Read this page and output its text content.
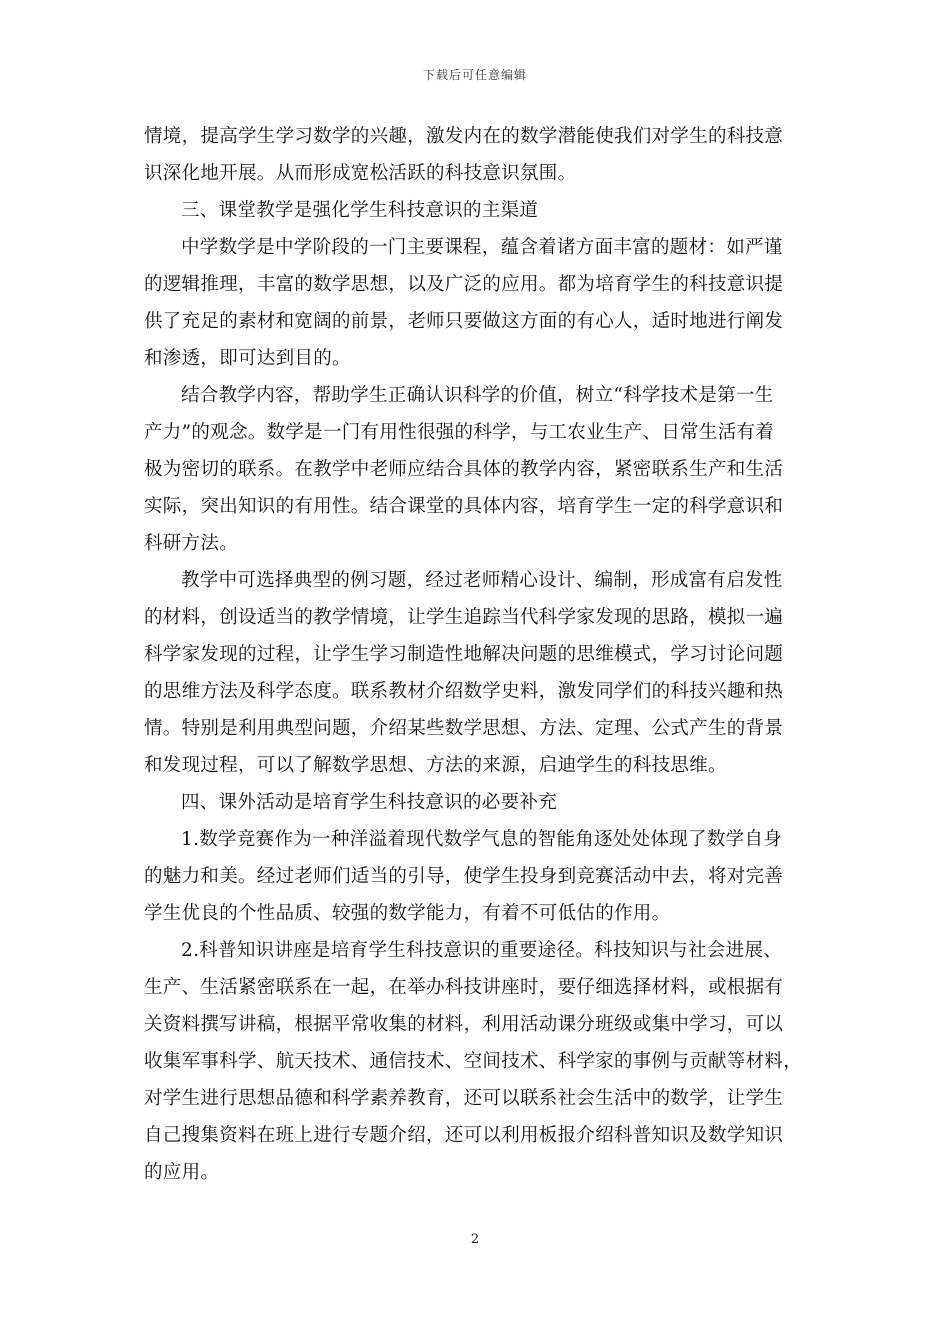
下载后可任意编辑
情境，提高学生学习数学的兴趣，激发内在的数学潜能使我们对学生的科技意
识深化地开展。从而形成宽松活跃的科技意识氛围。
三、课堂教学是强化学生科技意识的主渠道
中学数学是中学阶段的一门主要课程，蕴含着诸方面丰富的题材：如严谨
的逻辑推理，丰富的数学思想，以及广泛的应用。都为培育学生的科技意识提
供了充足的素材和宽阔的前景，老师只要做这方面的有心人，适时地进行阐发
和渗透，即可达到目的。
结合教学内容，帮助学生正确认识科学的价值，树立“科学技术是第一生
产力”的观念。数学是一门有用性很强的科学，与工农业生产、日常生活有着
极为密切的联系。在教学中老师应结合具体的教学内容，紧密联系生产和生活
实际，突出知识的有用性。结合课堂的具体内容，培育学生一定的科学意识和
科研方法。
教学中可选择典型的例习题，经过老师精心设计、编制，形成富有启发性
的材料，创设适当的教学情境，让学生追踪当代科学家发现的思路，模拟一遍
科学家发现的过程，让学生学习制造性地解决问题的思维模式，学习讨论问题
的思维方法及科学态度。联系教材介绍数学史料，激发同学们的科技兴趣和热
情。特别是利用典型问题，介绍某些数学思想、方法、定理、公式产生的背景
和发现过程，可以了解数学思想、方法的来源，启迪学生的科技思维。
四、课外活动是培育学生科技意识的必要补充
1.数学竞赛作为一种洋溢着现代数学气息的智能角逐处处体现了数学自身
的魅力和美。经过老师们适当的引导，使学生投身到竞赛活动中去，将对完善
学生优良的个性品质、较强的数学能力，有着不可低估的作用。
2.科普知识讲座是培育学生科技意识的重要途径。科技知识与社会进展、
生产、生活紧密联系在一起，在举办科技讲座时，要仔细选择材料，或根据有
关资料撰写讲稿，根据平常收集的材料，利用活动课分班级或集中学习，可以
收集军事科学、航天技术、通信技术、空间技术、科学家的事例与贡献等材料，
对学生进行思想品德和科学素养教育，还可以联系社会生活中的数学，让学生
自己搜集资料在班上进行专题介绍，还可以利用板报介绍科普知识及数学知识
的应用。
2
